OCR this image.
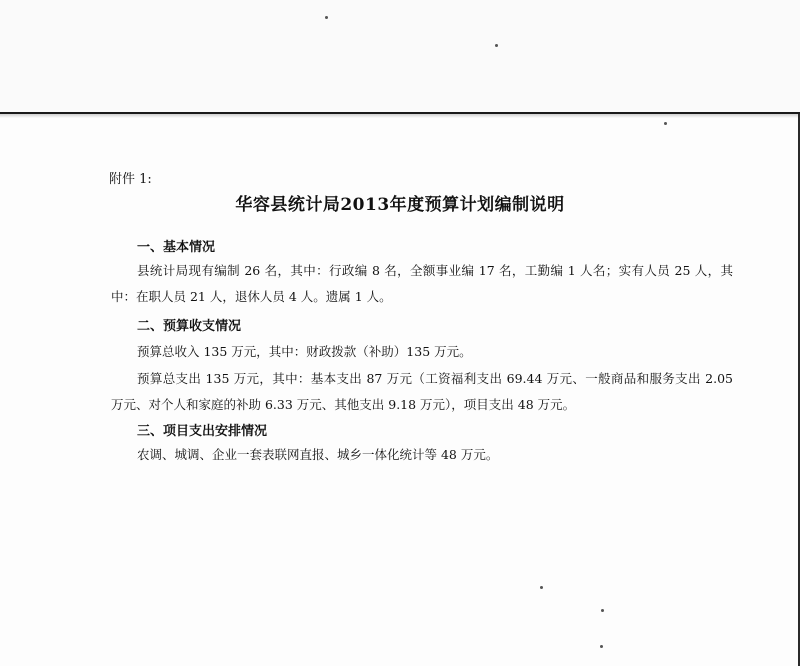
附件 1:
华容县统计局2013年度预算计划编制说明
一、基本情况
县统计局现有编制 26 名，其中：行政编 8 名，全额事业编 17 名，工勤编 1 人名；实有人员 25 人，其中：在职人员 21 人，退休人员 4 人。遗属 1 人。
二、预算收支情况
预算总收入 135 万元，其中：财政拨款（补助）135 万元。
预算总支出 135 万元，其中：基本支出 87 万元（工资福利支出 69.44 万元、一般商品和服务支出 2.05 万元、对个人和家庭的补助 6.33 万元、其他支出 9.18 万元），项目支出 48 万元。
三、项目支出安排情况
农调、城调、企业一套表联网直报、城乡一体化统计等 48 万元。
